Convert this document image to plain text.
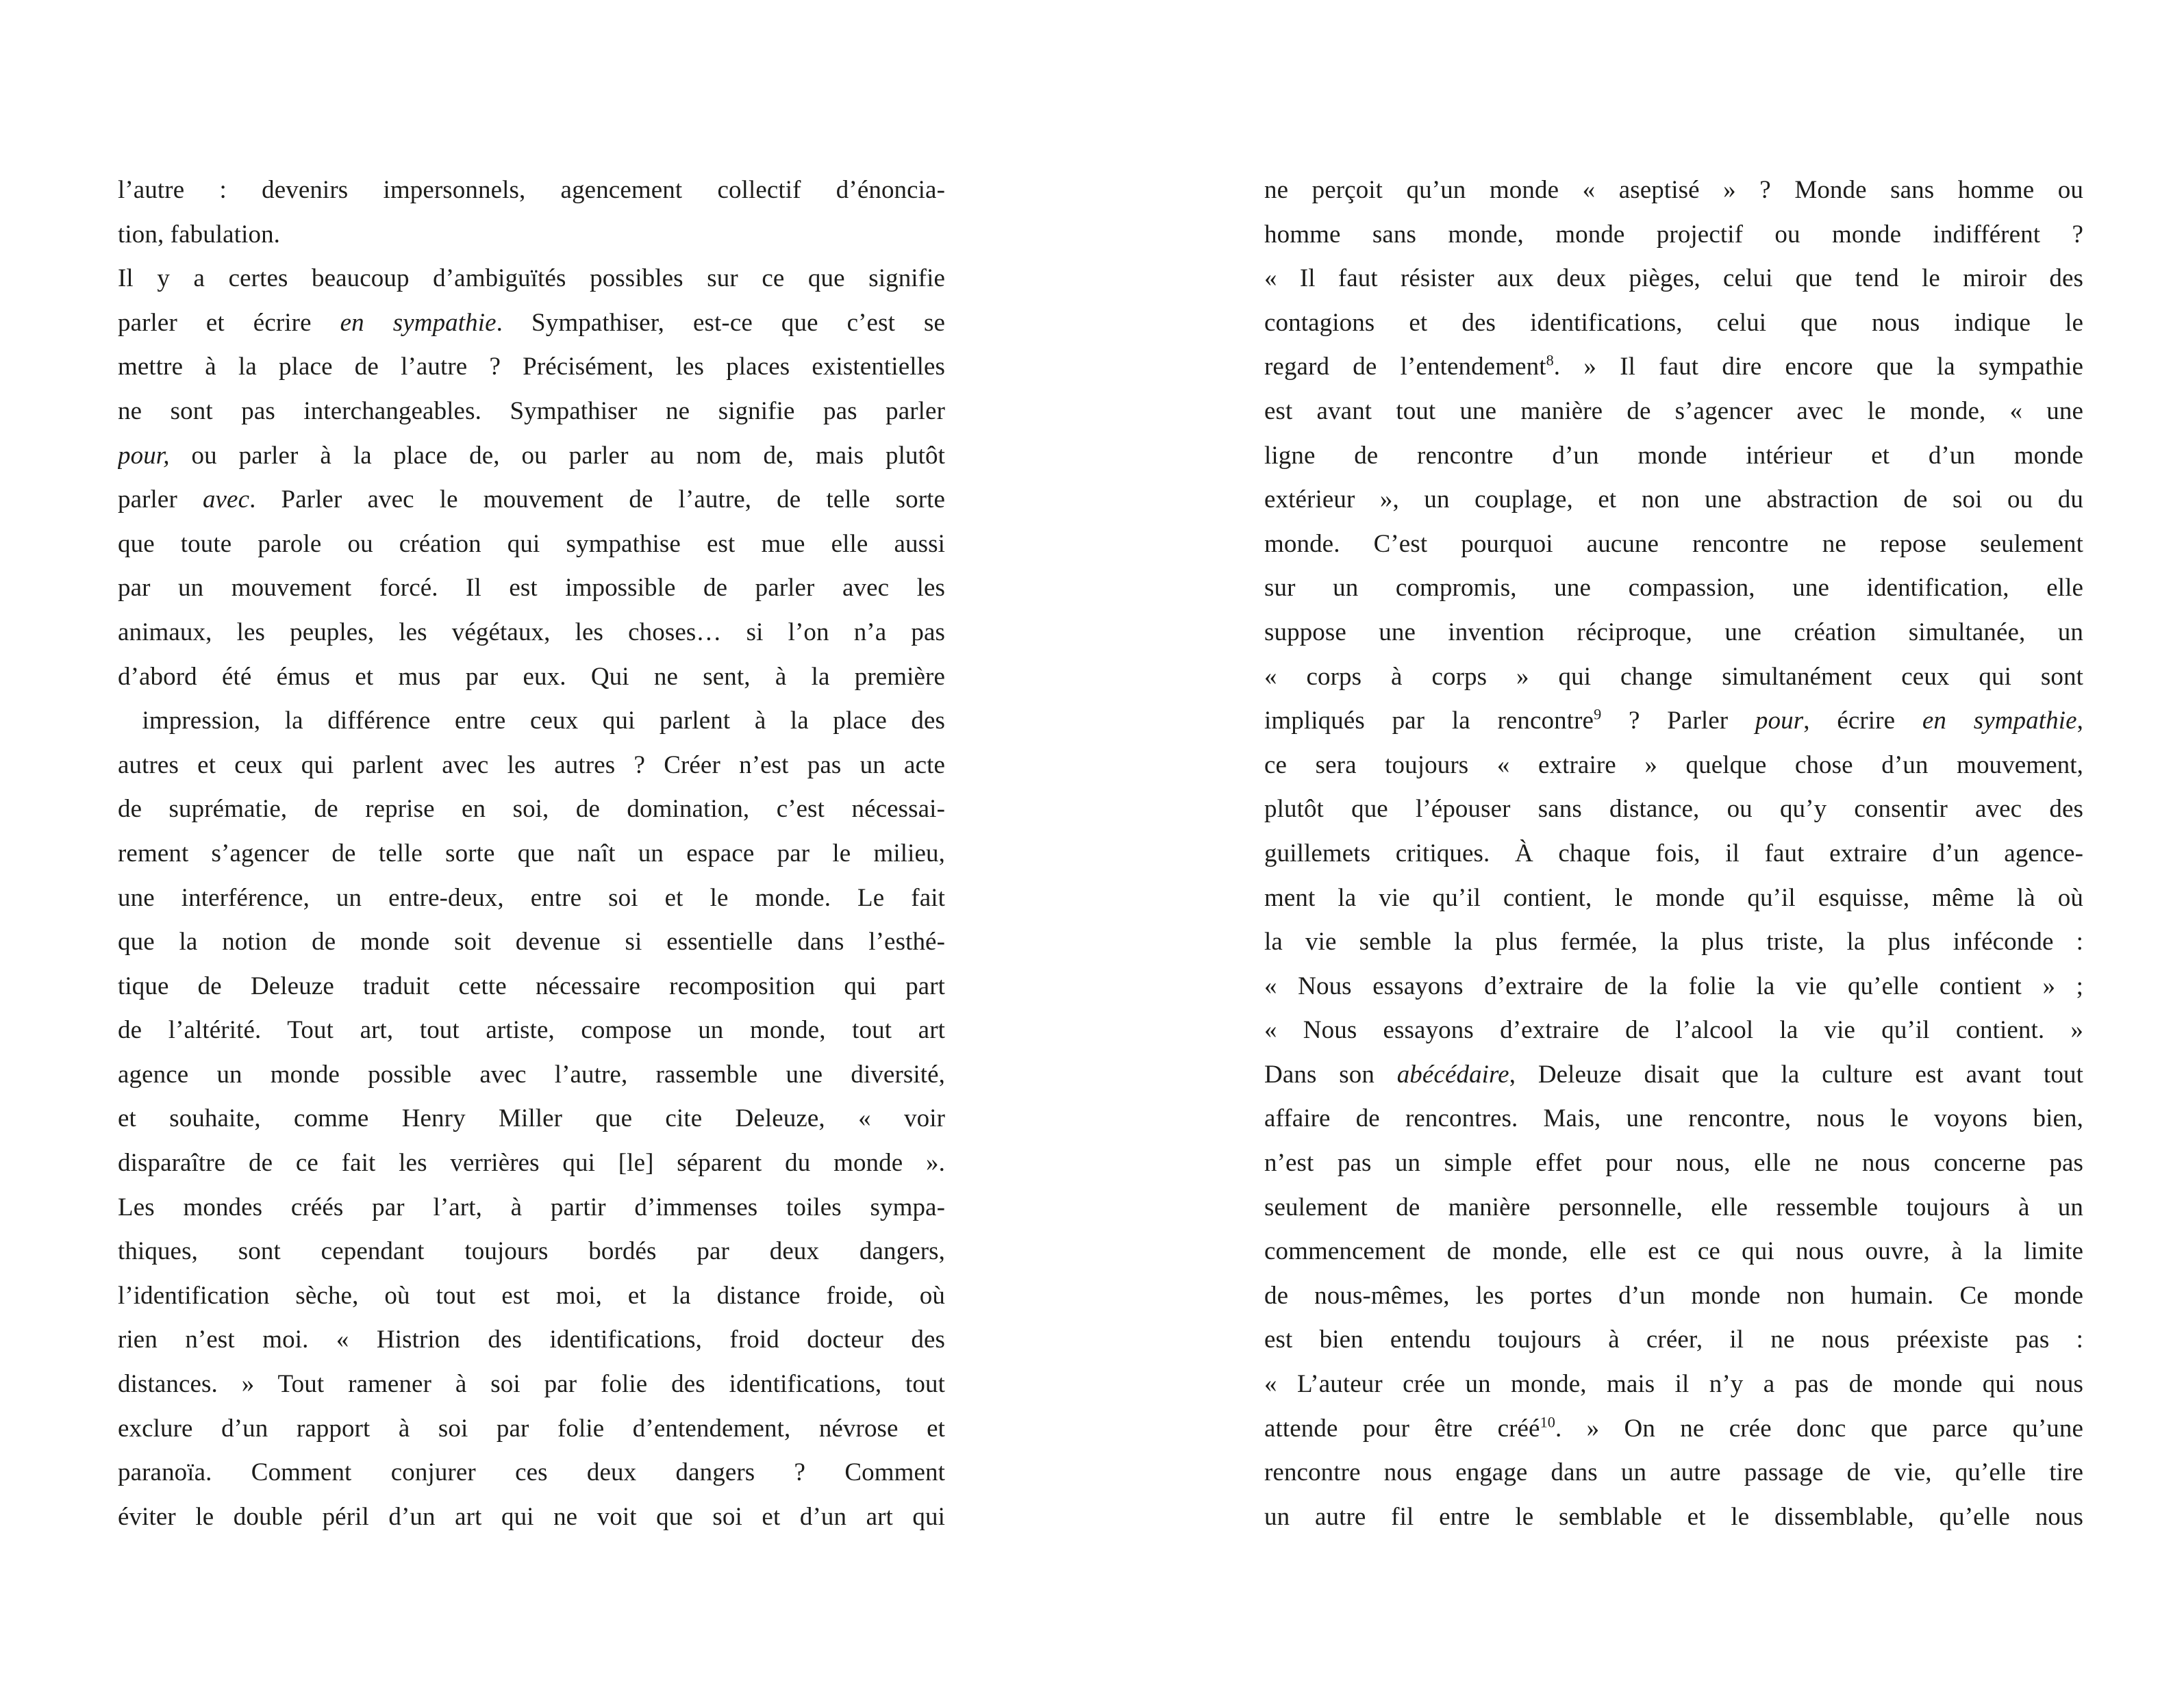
l’autre : devenirs impersonnels, agencement collectif d’énoncia-
tion, fabulation.
Il y a certes beaucoup d’ambiguïtés possibles sur ce que signifie
parler et écrire en sympathie. Sympathiser, est-ce que c’est se
mettre à la place de l’autre ? Précisément, les places existentielles
ne sont pas interchangeables. Sympathiser ne signifie pas parler
pour, ou parler à la place de, ou parler au nom de, mais plutôt
parler avec. Parler avec le mouvement de l’autre, de telle sorte
que toute parole ou création qui sympathise est mue elle aussi
par un mouvement forcé. Il est impossible de parler avec les
animaux, les peuples, les végétaux, les choses… si l’on n’a pas
d’abord été émus et mus par eux. Qui ne sent, à la première
impression, la différence entre ceux qui parlent à la place des
autres et ceux qui parlent avec les autres ? Créer n’est pas un acte
de suprématie, de reprise en soi, de domination, c’est nécessai-
rement s’agencer de telle sorte que naît un espace par le milieu,
une interférence, un entre-deux, entre soi et le monde. Le fait
que la notion de monde soit devenue si essentielle dans l’esthé-
tique de Deleuze traduit cette nécessaire recomposition qui part
de l’altérité. Tout art, tout artiste, compose un monde, tout art
agence un monde possible avec l’autre, rassemble une diversité,
et souhaite, comme Henry Miller que cite Deleuze, « voir
disparaître de ce fait les verrières qui [le] séparent du monde ».
Les mondes créés par l’art, à partir d’immenses toiles sympa-
thiques, sont cependant toujours bordés par deux dangers,
l’identification sèche, où tout est moi, et la distance froide, où
rien n’est moi. « Histrion des identifications, froid docteur des
distances. » Tout ramener à soi par folie des identifications, tout
exclure d’un rapport à soi par folie d’entendement, névrose et
paranoïa. Comment conjurer ces deux dangers ? Comment
éviter le double péril d’un art qui ne voit que soi et d’un art qui
ne perçoit qu’un monde « aseptisé » ? Monde sans homme ou
homme sans monde, monde projectif ou monde indifférent ?
« Il faut résister aux deux pièges, celui que tend le miroir des
contagions et des identifications, celui que nous indique le
regard de l’entendement$^8$. » Il faut dire encore que la sympathie
est avant tout une manière de s’agencer avec le monde, « une
ligne de rencontre d’un monde intérieur et d’un monde
extérieur », un couplage, et non une abstraction de soi ou du
monde. C’est pourquoi aucune rencontre ne repose seulement
sur un compromis, une compassion, une identification, elle
suppose une invention réciproque, une création simultanée, un
« corps à corps » qui change simultanément ceux qui sont
impliqués par la rencontre$^9$ ? Parler pour, écrire en sympathie,
ce sera toujours « extraire » quelque chose d’un mouvement,
plutôt que l’épouser sans distance, ou qu’y consentir avec des
guillemets critiques. À chaque fois, il faut extraire d’un agence-
ment la vie qu’il contient, le monde qu’il esquisse, même là où
la vie semble la plus fermée, la plus triste, la plus inféconde :
« Nous essayons d’extraire de la folie la vie qu’elle contient » ;
« Nous essayons d’extraire de l’alcool la vie qu’il contient. »
Dans son abécédaire, Deleuze disait que la culture est avant tout
affaire de rencontres. Mais, une rencontre, nous le voyons bien,
n’est pas un simple effet pour nous, elle ne nous concerne pas
seulement de manière personnelle, elle ressemble toujours à un
commencement de monde, elle est ce qui nous ouvre, à la limite
de nous-mêmes, les portes d’un monde non humain. Ce monde
est bien entendu toujours à créer, il ne nous préexiste pas :
« L’auteur crée un monde, mais il n’y a pas de monde qui nous
attende pour être créé$^{10}$. » On ne crée donc que parce qu’une
rencontre nous engage dans un autre passage de vie, qu’elle tire
un autre fil entre le semblable et le dissemblable, qu’elle nous
